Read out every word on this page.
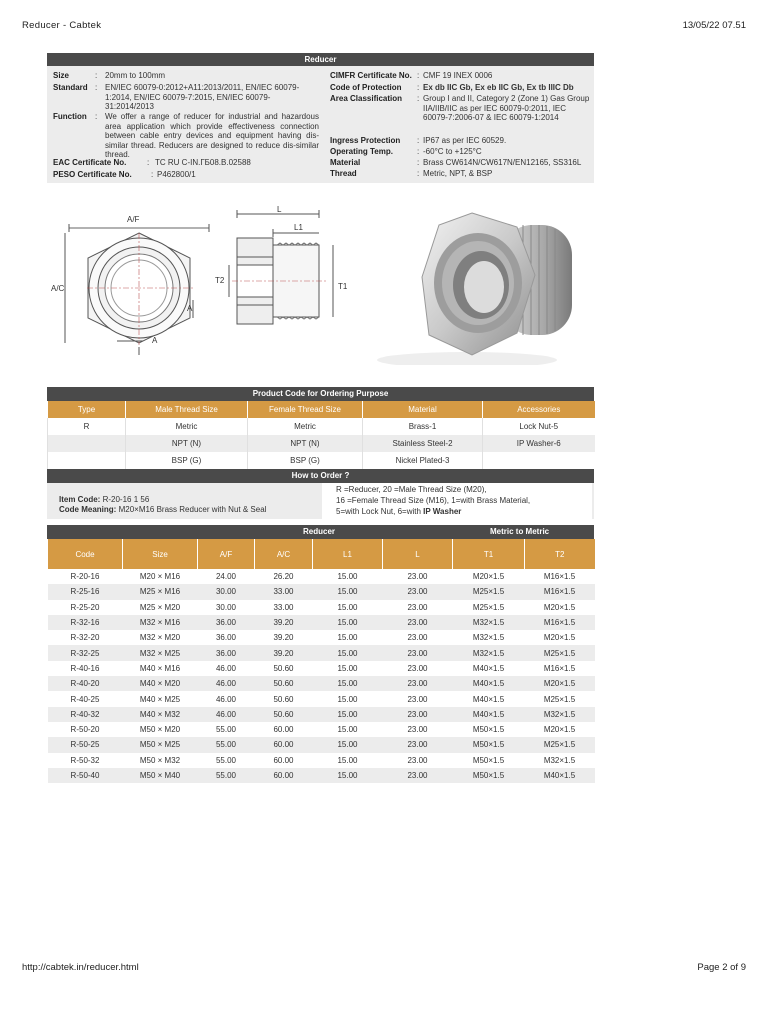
Reducer - Cabtek	13/05/22 07.51
Reducer
Size	: 20mm to 100mm
Standard : EN/IEC 60079-0:2012+A11:2013/2011, EN/IEC 60079-1:2014, EN/IEC 60079-7:2015, EN/IEC 60079-31:2014/2013
Function : We offer a range of reducer for industrial and hazardous area application which provide effectiveness connection between cable entry devices and equipment having dis-similar thread. Reducers are designed to reduce dis-similar thread.
EAC Certificate No.	: TC RU C-IN.ГБ08.В.02588
PESO Certificate No. : P462800/1
CIMFR Certificate No. : CMF 19 INEX 0006
Code of Protection : Ex db IIC Gb, Ex eb IIC Gb, Ex tb IIIC Db
Area Classification : Group I and II, Category 2 (Zone 1) Gas Group IIA/IIB/IIC as per IEC 60079-0:2011, IEC 60079-7:2006-07 & IEC 60079-1:2014
Ingress Protection : IP67 as per IEC 60529.
Operating Temp.	: -60°C to +125°C
Material	: Brass CW614N/CW617N/EN12165, SS316L
Thread	: Metric, NPT, & BSP
A/F
A/C
A
A
L
L1
T2
T1
Product Code for Ordering Purpose
Type	Male Thread Size	Female Thread Size	Material	Accessories
R	Metric	Metric	Brass-1	Lock Nut-5
	NPT (N)	NPT (N)	Stainless Steel-2	IP Washer-6
	BSP (G)	BSP (G)	Nickel Plated-3	
How to Order ?
Item Code: R-20-16 1 56
Code Meaning: M20×M16 Brass Reducer with Nut & Seal
R =Reducer, 20 =Male Thread Size (M20),
16 =Female Thread Size (M16), 1=with Brass Material,
5=with Lock Nut, 6=with IP Washer
Reducer	Metric to Metric
Code	Size	A/F	A/C	L1	L	T1	T2
R-20-16	M20 × M16	24.00	26.20	15.00	23.00	M20×1.5	M16×1.5
R-25-16	M25 × M16	30.00	33.00	15.00	23.00	M25×1.5	M16×1.5
R-25-20	M25 × M20	30.00	33.00	15.00	23.00	M25×1.5	M20×1.5
R-32-16	M32 × M16	36.00	39.20	15.00	23.00	M32×1.5	M16×1.5
R-32-20	M32 × M20	36.00	39.20	15.00	23.00	M32×1.5	M20×1.5
R-32-25	M32 × M25	36.00	39.20	15.00	23.00	M32×1.5	M25×1.5
R-40-16	M40 × M16	46.00	50.60	15.00	23.00	M40×1.5	M16×1.5
R-40-20	M40 × M20	46.00	50.60	15.00	23.00	M40×1.5	M20×1.5
R-40-25	M40 × M25	46.00	50.60	15.00	23.00	M40×1.5	M25×1.5
R-40-32	M40 × M32	46.00	50.60	15.00	23.00	M40×1.5	M32×1.5
R-50-20	M50 × M20	55.00	60.00	15.00	23.00	M50×1.5	M20×1.5
R-50-25	M50 × M25	55.00	60.00	15.00	23.00	M50×1.5	M25×1.5
R-50-32	M50 × M32	55.00	60.00	15.00	23.00	M50×1.5	M32×1.5
R-50-40	M50 × M40	55.00	60.00	15.00	23.00	M50×1.5	M40×1.5
http://cabtek.in/reducer.html	Page 2 of 9
